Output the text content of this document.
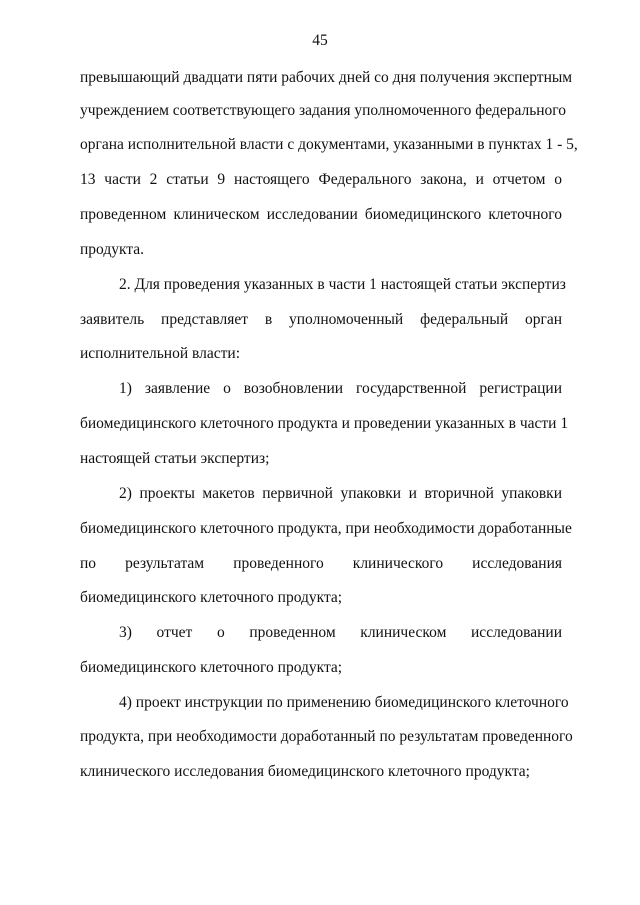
45
превышающий двадцати пяти рабочих дней со дня получения экспертным
учреждением соответствующего задания уполномоченного федерального
органа исполнительной власти с документами, указанными в пунктах 1 - 5,
13 части 2 статьи 9 настоящего Федерального закона, и отчетом о
проведенном клиническом исследовании биомедицинского клеточного
продукта.
2. Для проведения указанных в части 1 настоящей статьи экспертиз
заявитель представляет в уполномоченный федеральный орган
исполнительной власти:
1) заявление о возобновлении государственной регистрации
биомедицинского клеточного продукта и проведении указанных в части 1
настоящей статьи экспертиз;
2) проекты макетов первичной упаковки и вторичной упаковки
биомедицинского клеточного продукта, при необходимости доработанные
по результатам проведенного клинического исследования
биомедицинского клеточного продукта;
3) отчет о проведенном клиническом исследовании
биомедицинского клеточного продукта;
4) проект инструкции по применению биомедицинского клеточного
продукта, при необходимости доработанный по результатам проведенного
клинического исследования биомедицинского клеточного продукта;
